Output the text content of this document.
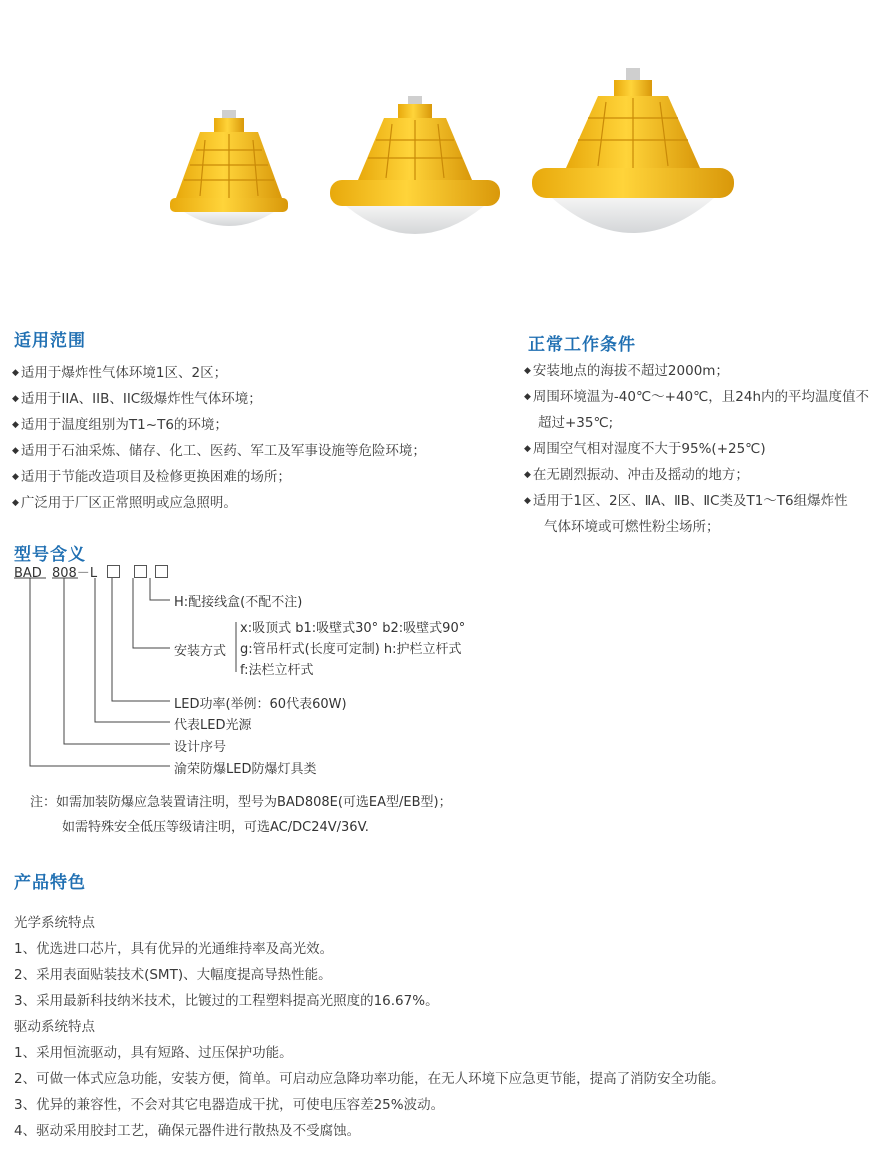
适用范围
◆ 适用于爆炸性气体环境1区、2区；
◆ 适用于IIA、IIB、IIC级爆炸性气体环境；
◆ 适用于温度组别为T1~T6的环境；
◆ 适用于石油采炼、储存、化工、医药、军工及军事设施等危险环境；
◆ 适用于节能改造项目及检修更换困难的场所；
◆ 广泛用于厂区正常照明或应急照明。
正常工作条件
◆ 安装地点的海拔不超过2000m；
◆ 周围环境温为-40℃～+40℃，且24h内的平均温度值不
超过+35℃;
◆ 周围空气相对湿度不大于95%(+25℃)
◆ 在无剧烈振动、冲击及摇动的地方；
◆ 适用于1区、2区、ⅡA、ⅡB、ⅡC类及T1～T6组爆炸性
气体环境或可燃性粉尘场所；
型号含义
BAD 808－L
H:配接线盒(不配不注)
安装方式
x:吸顶式 b1:吸壁式30° b2:吸壁式90°
g:管吊杆式(长度可定制) h:护栏立杆式
f:法栏立杆式
LED功率(举例：60代表60W)
代表LED光源
设计序号
渝荣防爆LED防爆灯具类
注：如需加装防爆应急装置请注明，型号为BAD808E(可选EA型/EB型)；
如需特殊安全低压等级请注明，可选AC/DC24V/36V.
产品特色
光学系统特点
1、优选进口芯片，具有优异的光通维持率及高光效。
2、采用表面贴装技术(SMT)、大幅度提高导热性能。
3、采用最新科技纳米技术，比镀过的工程塑料提高光照度的16.67%。
驱动系统特点
1、采用恒流驱动，具有短路、过压保护功能。
2、可做一体式应急功能，安装方便，简单。可启动应急降功率功能，在无人环境下应急更节能，提高了消防安全功能。
3、优异的兼容性，不会对其它电器造成干扰，可使电压容差25%波动。
4、驱动采用胶封工艺，确保元器件进行散热及不受腐蚀。
